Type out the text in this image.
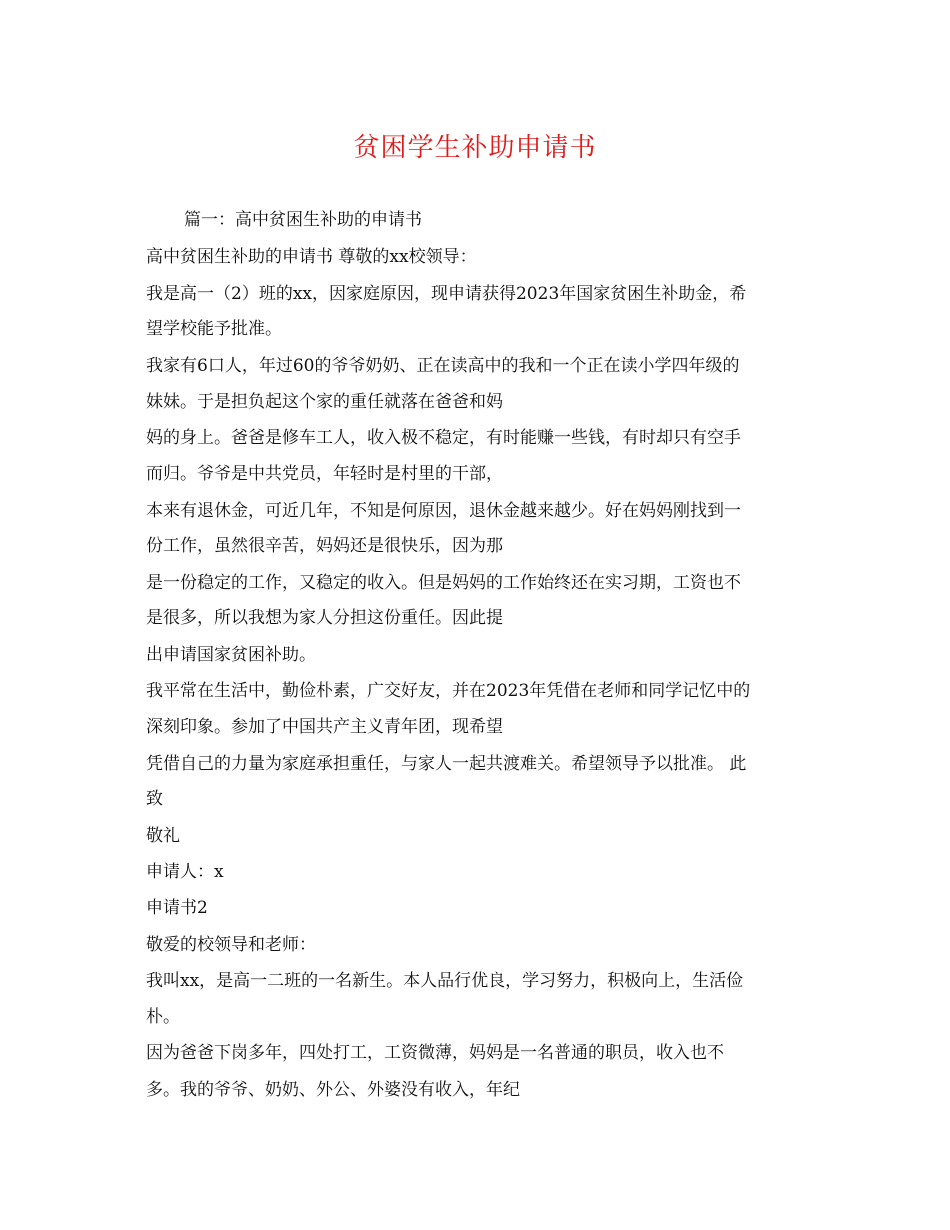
贫困学生补助申请书
篇一：高中贫困生补助的申请书
高中贫困生补助的申请书 尊敬的xx校领导：
我是高一（2）班的xx，因家庭原因，现申请获得2023年国家贫困生补助金，希
望学校能予批准。
我家有6口人，年过60的爷爷奶奶、正在读高中的我和一个正在读小学四年级的
妹妹。于是担负起这个家的重任就落在爸爸和妈
妈的身上。爸爸是修车工人，收入极不稳定，有时能赚一些钱，有时却只有空手
而归。爷爷是中共党员，年轻时是村里的干部，
本来有退休金，可近几年，不知是何原因，退休金越来越少。好在妈妈刚找到一
份工作，虽然很辛苦，妈妈还是很快乐，因为那
是一份稳定的工作，又稳定的收入。但是妈妈的工作始终还在实习期，工资也不
是很多，所以我想为家人分担这份重任。因此提
出申请国家贫困补助。
我平常在生活中，勤俭朴素，广交好友，并在2023年凭借在老师和同学记忆中的
深刻印象。参加了中国共产主义青年团，现希望
凭借自己的力量为家庭承担重任，与家人一起共渡难关。希望领导予以批准。 此
致
敬礼
申请人：x
申请书2
敬爱的校领导和老师：
我叫xx，是高一二班的一名新生。本人品行优良，学习努力，积极向上，生活俭
朴。
因为爸爸下岗多年，四处打工，工资微薄，妈妈是一名普通的职员，收入也不
多。我的爷爷、奶奶、外公、外婆没有收入，年纪
